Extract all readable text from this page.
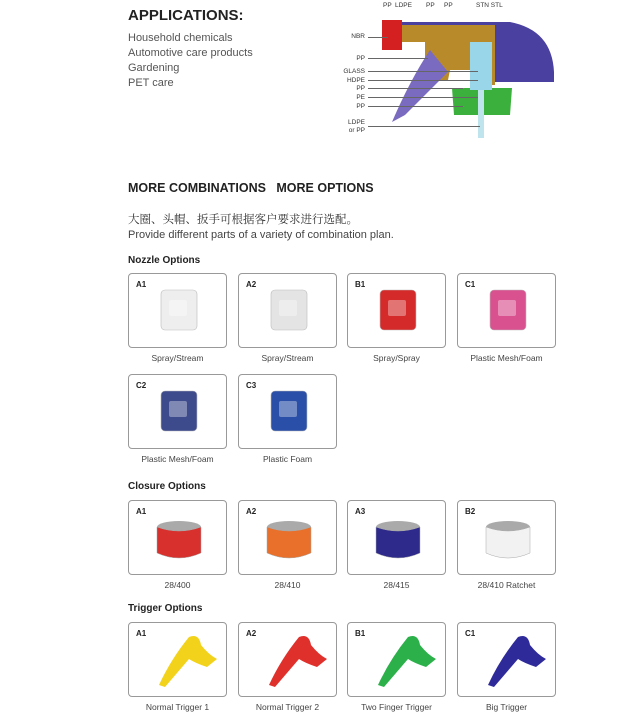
APPLICATIONS:
Household chemicals
Automotive care products
Gardening
PET care
PP LDPE PP PP	STN STL
NBR
PP
GLASS
HDPE
PP
PE
PP
LDPE
or PP
MORE COMBINATIONS   MORE OPTIONS
大圈、头帽、扳手可根据客户要求进行选配。
Provide different parts of a variety of combination plan.
Nozzle Options
Closure Options
Trigger Options
A1
Spray/Stream
A2
Spray/Stream
B1
Spray/Spray
C1
Plastic Mesh/Foam
C2
Plastic Mesh/Foam
C3
Plastic Foam
A1
28/400
A2
28/410
A3
28/415
B2
28/410 Ratchet
A1
Normal Trigger 1
A2
Normal Trigger 2
B1
Two Finger Trigger
C1
Big Trigger
